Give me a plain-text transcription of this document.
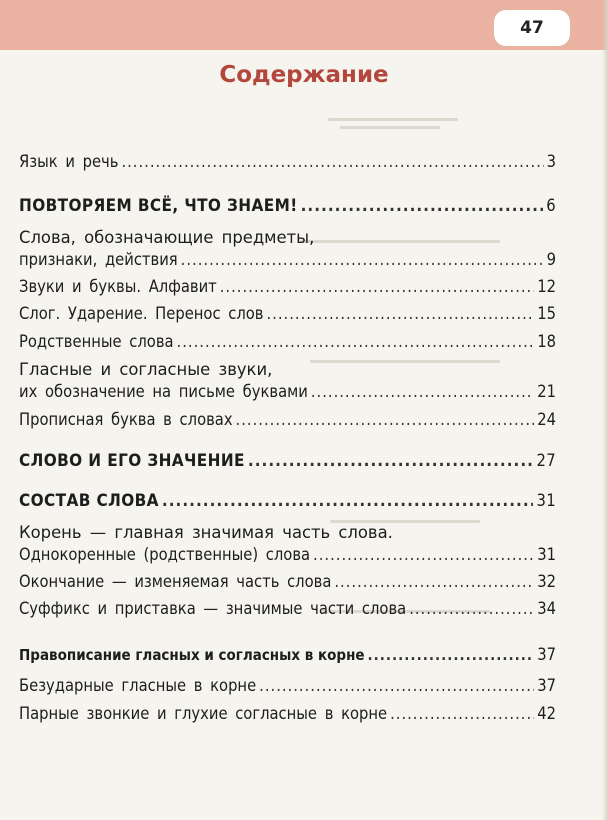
47
Содержание
Язык и речь .....	3
ПОВТОРЯЕМ ВСЁ, ЧТО ЗНАЕМ! .....	6
Слова, обозначающие предметы,
признаки, действия .....	9
Звуки и буквы. Алфавит .....	12
Слог. Ударение. Перенос слов .....	15
Родственные слова .....	18
Гласные и согласные звуки,
их обозначение на письме буквами .....	21
Прописная буква в словах .....	24
СЛОВО И ЕГО ЗНАЧЕНИЕ .....	27
СОСТАВ СЛОВА .....	31
Корень — главная значимая часть слова.
Однокоренные (родственные) слова .....	31
Окончание — изменяемая часть слова .....	32
Суффикс и приставка — значимые части слова .....	34
Правописание гласных и согласных в корне .....	37
Безударные гласные в корне .....	37
Парные звонкие и глухие согласные в корне .....	42
